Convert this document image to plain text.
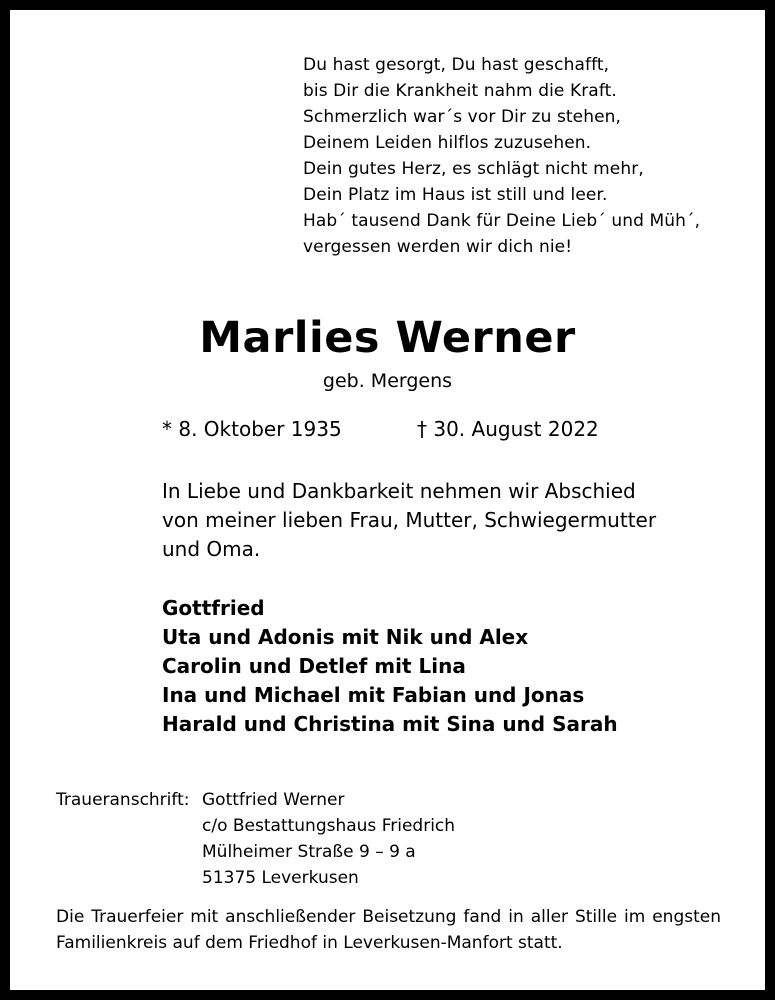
Du hast gesorgt, Du hast geschafft,
bis Dir die Krankheit nahm die Kraft.
Schmerzlich war´s vor Dir zu stehen,
Deinem Leiden hilflos zuzusehen.
Dein gutes Herz, es schlägt nicht mehr,
Dein Platz im Haus ist still und leer.
Hab´ tausend Dank für Deine Lieb´ und Müh´,
vergessen werden wir dich nie!
Marlies Werner
geb. Mergens
* 8. Oktober 1935	† 30. August 2022
In Liebe und Dankbarkeit nehmen wir Abschied
von meiner lieben Frau, Mutter, Schwiegermutter
und Oma.
Gottfried
Uta und Adonis mit Nik und Alex
Carolin und Detlef mit Lina
Ina und Michael mit Fabian und Jonas
Harald und Christina mit Sina und Sarah
Traueranschrift: Gottfried Werner
c/o Bestattungshaus Friedrich
Mülheimer Straße 9 – 9 a
51375 Leverkusen
Die Trauerfeier mit anschließender Beisetzung fand in aller Stille im engsten Familienkreis auf dem Friedhof in Leverkusen-Manfort statt.
